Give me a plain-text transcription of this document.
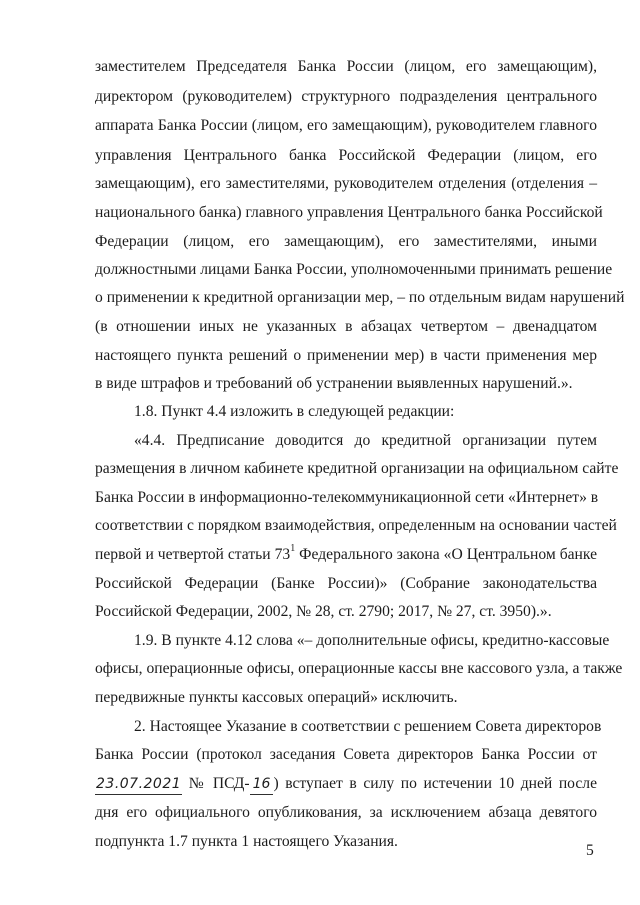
заместителем Председателя Банка России (лицом, его замещающим),
директором (руководителем) структурного подразделения центрального
аппарата Банка России (лицом, его замещающим), руководителем главного
управления Центрального банка Российской Федерации (лицом, его
замещающим), его заместителями, руководителем отделения (отделения –
национального банка) главного управления Центрального банка Российской
Федерации (лицом, его замещающим), его заместителями, иными
должностными лицами Банка России, уполномоченными принимать решение
о применении к кредитной организации мер, – по отдельным видам нарушений
(в отношении иных не указанных в абзацах четвертом – двенадцатом
настоящего пункта решений о применении мер) в части применения мер
в виде штрафов и требований об устранении выявленных нарушений.».
1.8. Пункт 4.4 изложить в следующей редакции:
«4.4. Предписание доводится до кредитной организации путем
размещения в личном кабинете кредитной организации на официальном сайте
Банка России в информационно-телекоммуникационной сети «Интернет» в
соответствии с порядком взаимодействия, определенным на основании частей
первой и четвертой статьи $73^1$ Федерального закона «О Центральном банке
Российской Федерации (Банке России)» (Собрание законодательства
Российской Федерации, 2002, № 28, ст. 2790; 2017, № 27, ст. 3950).».
1.9. В пункте 4.12 слова «– дополнительные офисы, кредитно-кассовые
офисы, операционные офисы, операционные кассы вне кассового узла, а также
передвижные пункты кассовых операций» исключить.
2. Настоящее Указание в соответствии с решением Совета директоров
Банка России (протокол заседания Совета директоров Банка России от
23.07.2021 № ПСД- 16 ) вступает в силу по истечении 10 дней после
дня его официального опубликования, за исключением абзаца девятого
подпункта 1.7 пункта 1 настоящего Указания.
5
